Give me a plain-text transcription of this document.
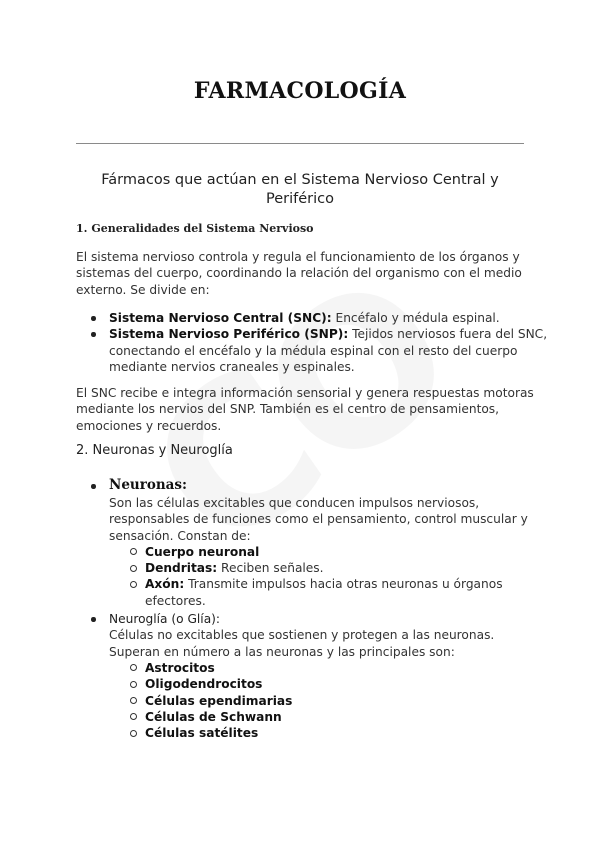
FARMACOLOGÍA
Fármacos que actúan en el Sistema Nervioso Central y Periférico
1. Generalidades del Sistema Nervioso

El sistema nervioso controla y regula el funcionamiento de los órganos y sistemas del cuerpo, coordinando la relación del organismo con el medio externo. Se divide en:

Sistema Nervioso Central (SNC): Encéfalo y médula espinal.
Sistema Nervioso Periférico (SNP): Tejidos nerviosos fuera del SNC, conectando el encéfalo y la médula espinal con el resto del cuerpo mediante nervios craneales y espinales.

El SNC recibe e integra información sensorial y genera respuestas motoras mediante los nervios del SNP. También es el centro de pensamientos, emociones y recuerdos.

2. Neuronas y Neuroglía
Neuronas:
Son las células excitables que conducen impulsos nerviosos, responsables de funciones como el pensamiento, control muscular y sensación. Constan de:
Cuerpo neuronal
Dendritas: Reciben señales.
Axón: Transmite impulsos hacia otras neuronas u órganos efectores.
Neuroglía (o Glía):
Células no excitables que sostienen y protegen a las neuronas. Superan en número a las neuronas y las principales son:
Astrocitos
Oligodendrocitos
Células ependimarias
Células de Schwann
Células satélites
